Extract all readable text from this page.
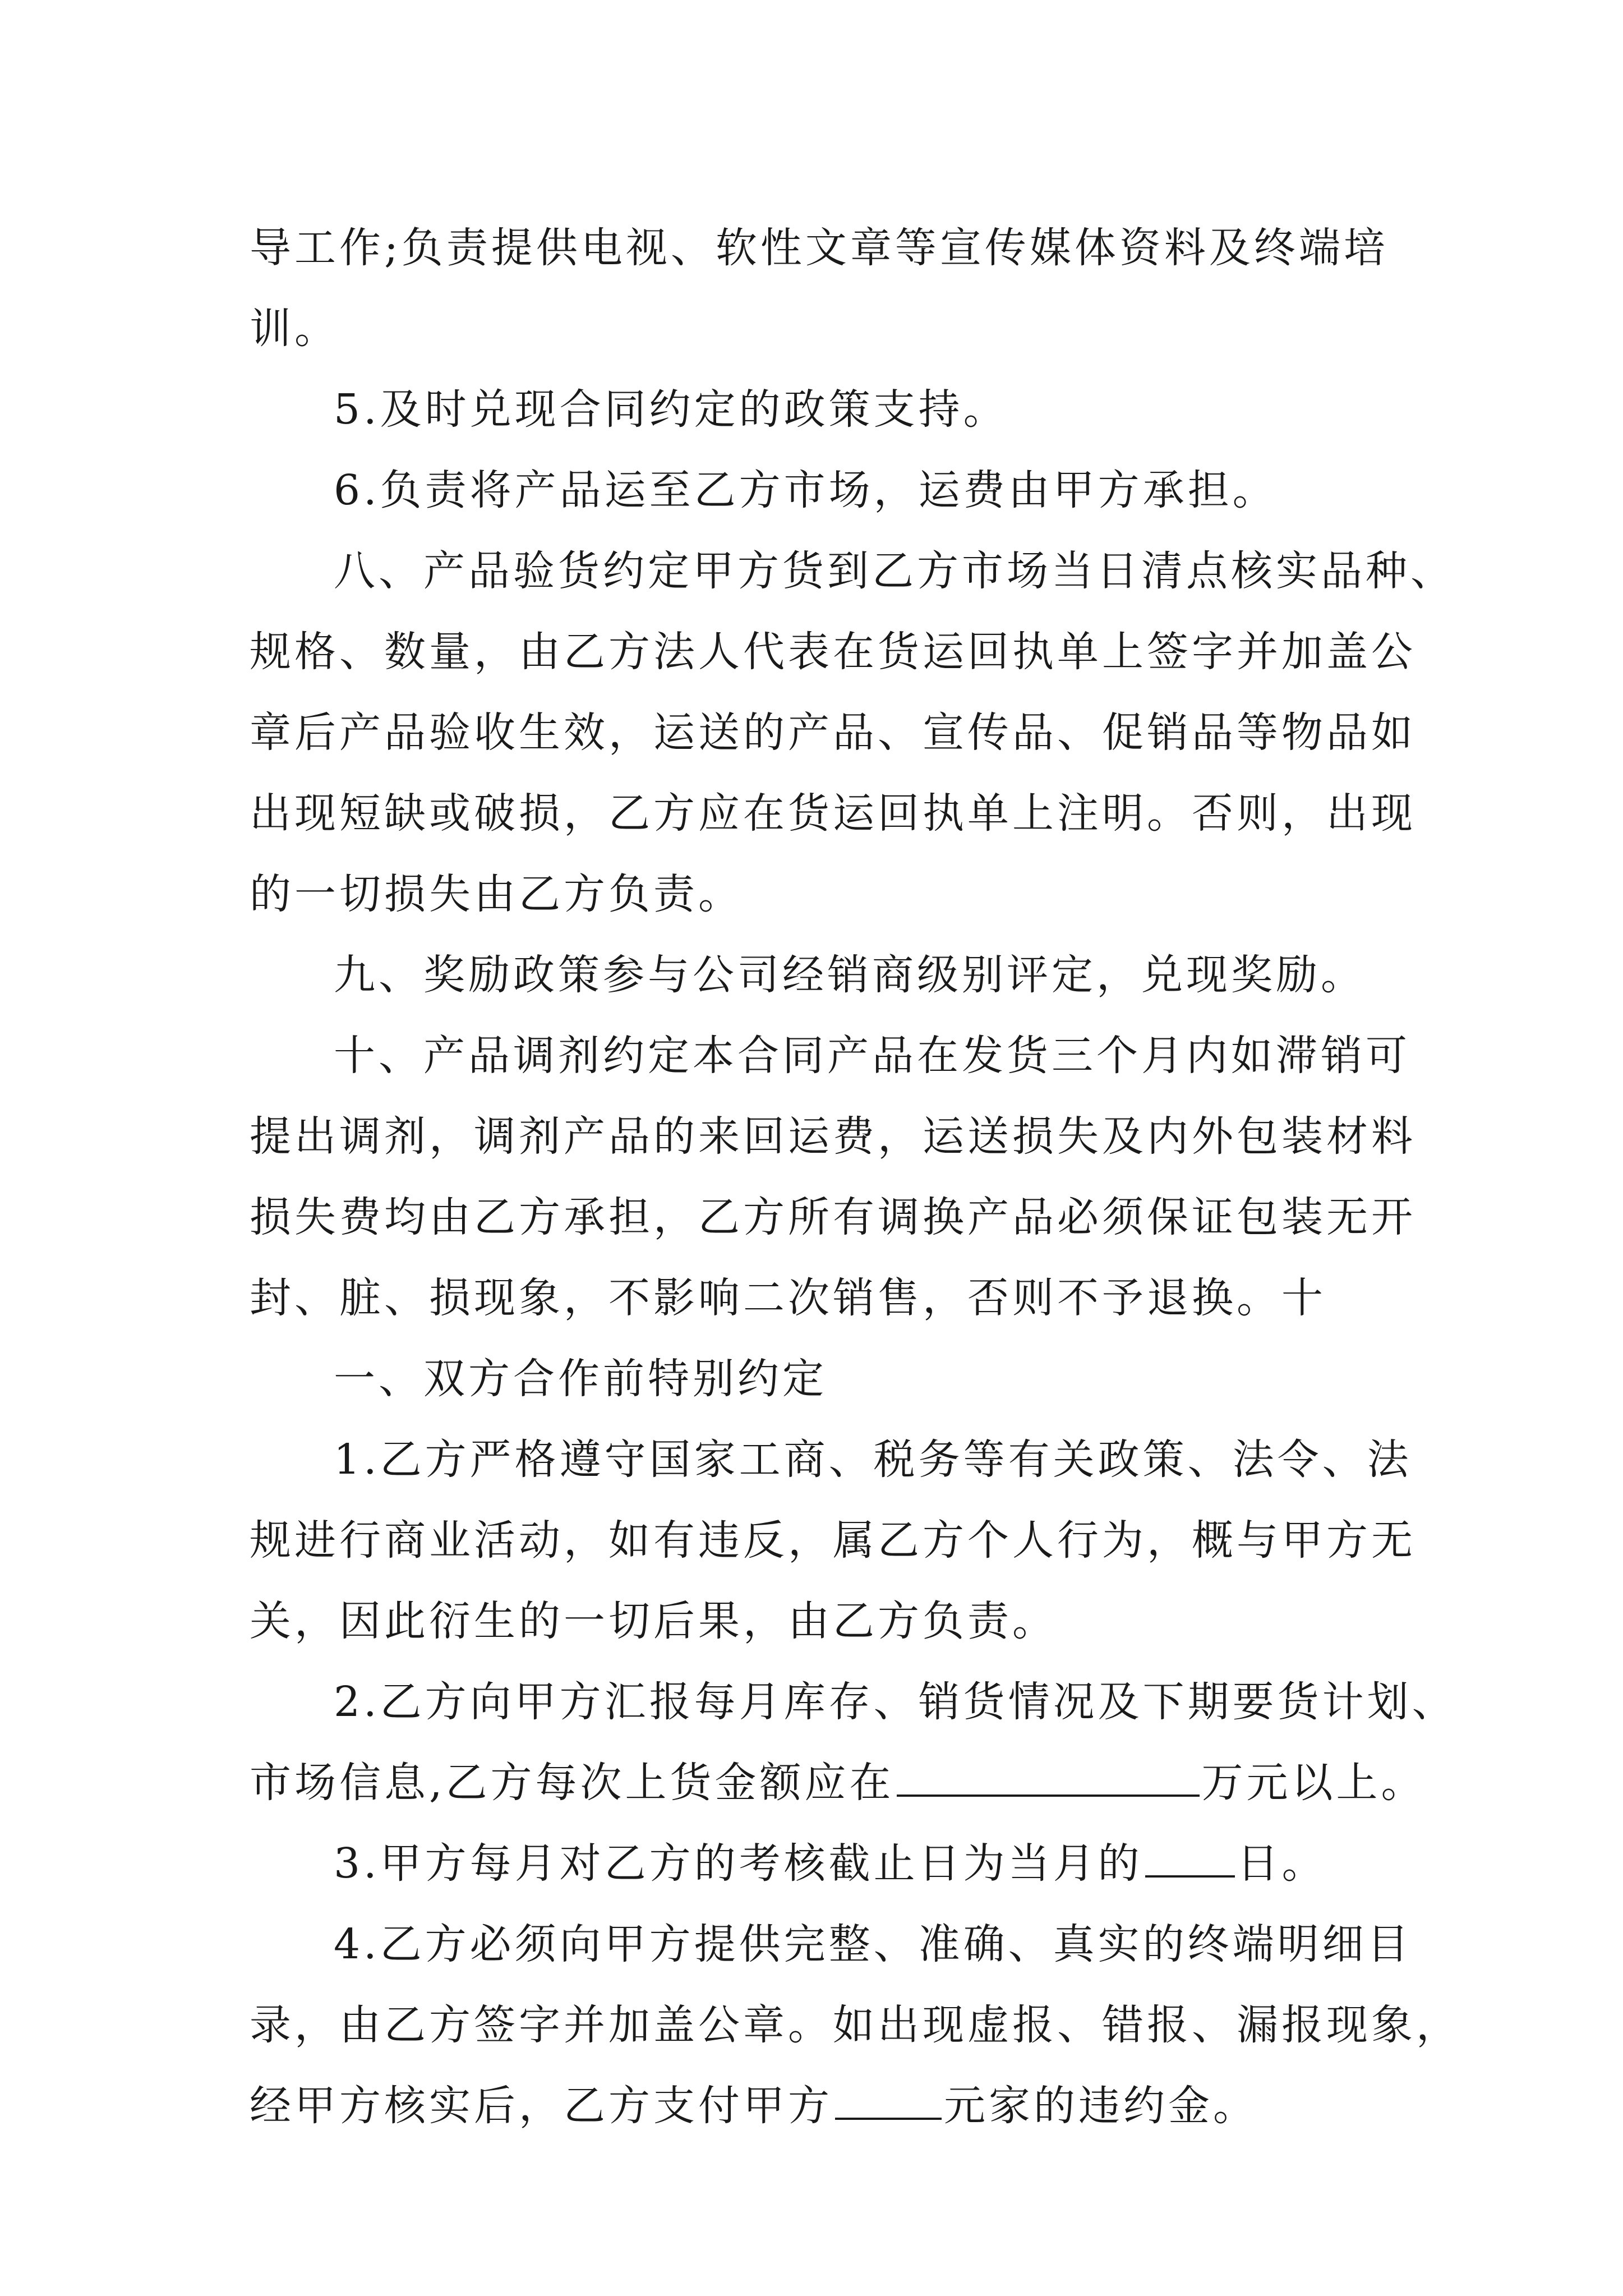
导工作;负责提供电视、软性文章等宣传媒体资料及终端培
训。
5.及时兑现合同约定的政策支持。
6.负责将产品运至乙方市场，运费由甲方承担。
八、产品验货约定甲方货到乙方市场当日清点核实品种、
规格、数量，由乙方法人代表在货运回执单上签字并加盖公
章后产品验收生效，运送的产品、宣传品、促销品等物品如
出现短缺或破损，乙方应在货运回执单上注明。否则，出现
的一切损失由乙方负责。
九、奖励政策参与公司经销商级别评定，兑现奖励。
十、产品调剂约定本合同产品在发货三个月内如滞销可
提出调剂，调剂产品的来回运费，运送损失及内外包装材料
损失费均由乙方承担，乙方所有调换产品必须保证包装无开
封、脏、损现象，不影响二次销售，否则不予退换。十
一、双方合作前特别约定
1.乙方严格遵守国家工商、税务等有关政策、法令、法
规进行商业活动，如有违反，属乙方个人行为，概与甲方无
关，因此衍生的一切后果，由乙方负责。
2.乙方向甲方汇报每月库存、销货情况及下期要货计划、
市场信息,乙方每次上货金额应在	万元以上。
3.甲方每月对乙方的考核截止日为当月的 日。
4.乙方必须向甲方提供完整、准确、真实的终端明细目
录，由乙方签字并加盖公章。如出现虚报、错报、漏报现象，
经甲方核实后，乙方支付甲方	元家的违约金。
